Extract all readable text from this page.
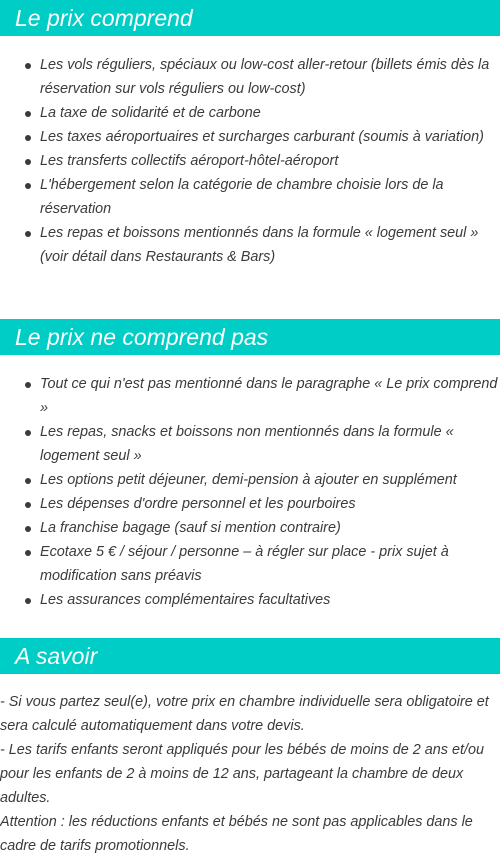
Le prix comprend
Les vols réguliers, spéciaux ou low-cost aller-retour (billets émis dès la réservation sur vols réguliers ou low-cost)
La taxe de solidarité et de carbone
Les taxes aéroportuaires et surcharges carburant (soumis à variation)
Les transferts collectifs aéroport-hôtel-aéroport
L'hébergement selon la catégorie de chambre choisie lors de la réservation
Les repas et boissons mentionnés dans la formule « logement seul » (voir détail dans Restaurants & Bars)
Le prix ne comprend pas
Tout ce qui n'est pas mentionné dans le paragraphe « Le prix comprend »
Les repas, snacks et boissons non mentionnés dans la formule « logement seul »
Les options petit déjeuner, demi-pension à ajouter en supplément
Les dépenses d'ordre personnel et les pourboires
La franchise bagage (sauf si mention contraire)
Ecotaxe 5 € / séjour / personne – à régler sur place - prix sujet à modification sans préavis
Les assurances complémentaires facultatives
A savoir

- Si vous partez seul(e), votre prix en chambre individuelle sera obligatoire et sera calculé automatiquement dans votre devis.

- Les tarifs enfants seront appliqués pour les bébés de moins de 2 ans et/ou pour les enfants de 2 à moins de 12 ans, partageant la chambre de deux adultes.

Attention : les réductions enfants et bébés ne sont pas applicables dans le cadre de tarifs promotionnels.
